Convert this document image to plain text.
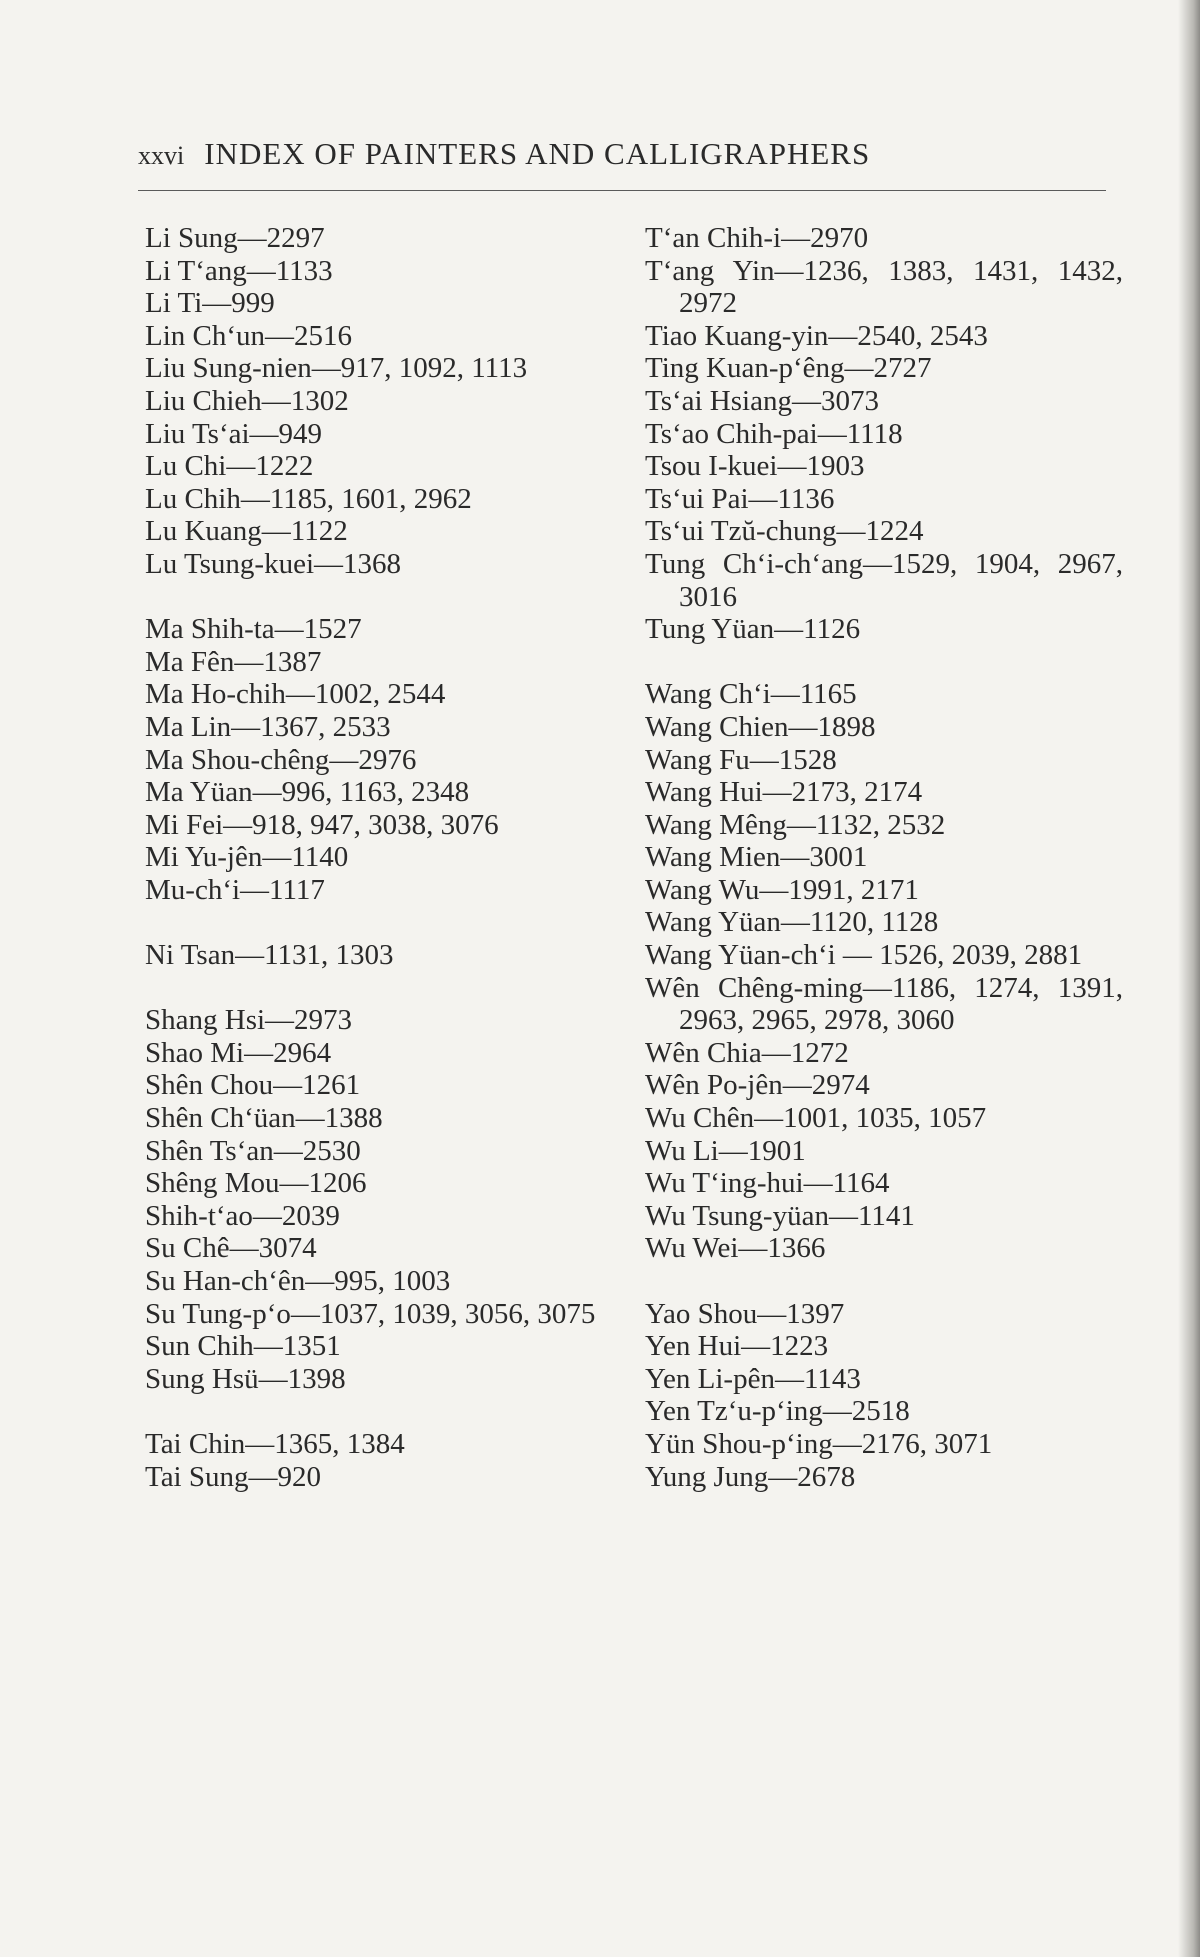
xxvi INDEX OF PAINTERS AND CALLIGRAPHERS

Li Sung—2297

Li T‘ang—1133

Li Ti—999

Lin Ch‘un—2516

Liu Sung-nien—917, 1092, 1113

Liu Chieh—1302

Liu Ts‘ai—949

Lu Chi—1222

Lu Chih—1185, 1601, 2962

Lu Kuang—1122

Lu Tsung-kuei—1368

Ma Shih-ta—1527

Ma Fên—1387

Ma Ho-chih—1002, 2544

Ma Lin—1367, 2533

Ma Shou-chêng—2976

Ma Yüan—996, 1163, 2348

Mi Fei—918, 947, 3038, 3076

Mi Yu-jên—1140

Mu-ch‘i—1117

Ni Tsan—1131, 1303

Shang Hsi—2973

Shao Mi—2964

Shên Chou—1261

Shên Ch‘üan—1388

Shên Ts‘an—2530

Shêng Mou—1206

Shih-t‘ao—2039

Su Chê—3074

Su Han-ch‘ên—995, 1003

Su Tung-p‘o—1037, 1039, 3056, 3075

Sun Chih—1351

Sung Hsü—1398

Tai Chin—1365, 1384

Tai Sung—920

T‘an Chih-i—2970

T‘ang Yin—1236, 1383, 1431, 1432, 2972

Tiao Kuang-yin—2540, 2543

Ting Kuan-p‘êng—2727

Ts‘ai Hsiang—3073

Ts‘ao Chih-pai—1118

Tsou I-kuei—1903

Ts‘ui Pai—1136

Ts‘ui Tzŭ-chung—1224

Tung Ch‘i-ch‘ang—1529, 1904, 2967, 3016

Tung Yüan—1126

Wang Ch‘i—1165

Wang Chien—1898

Wang Fu—1528

Wang Hui—2173, 2174

Wang Mêng—1132, 2532

Wang Mien—3001

Wang Wu—1991, 2171

Wang Yüan—1120, 1128

Wang Yüan-ch‘i — 1526, 2039, 2881

Wên Chêng-ming—1186, 1274, 1391, 2963, 2965, 2978, 3060

Wên Chia—1272

Wên Po-jên—2974

Wu Chên—1001, 1035, 1057

Wu Li—1901

Wu T‘ing-hui—1164

Wu Tsung-yüan—1141

Wu Wei—1366

Yao Shou—1397

Yen Hui—1223

Yen Li-pên—1143

Yen Tz‘u-p‘ing—2518

Yün Shou-p‘ing—2176, 3071

Yung Jung—2678
